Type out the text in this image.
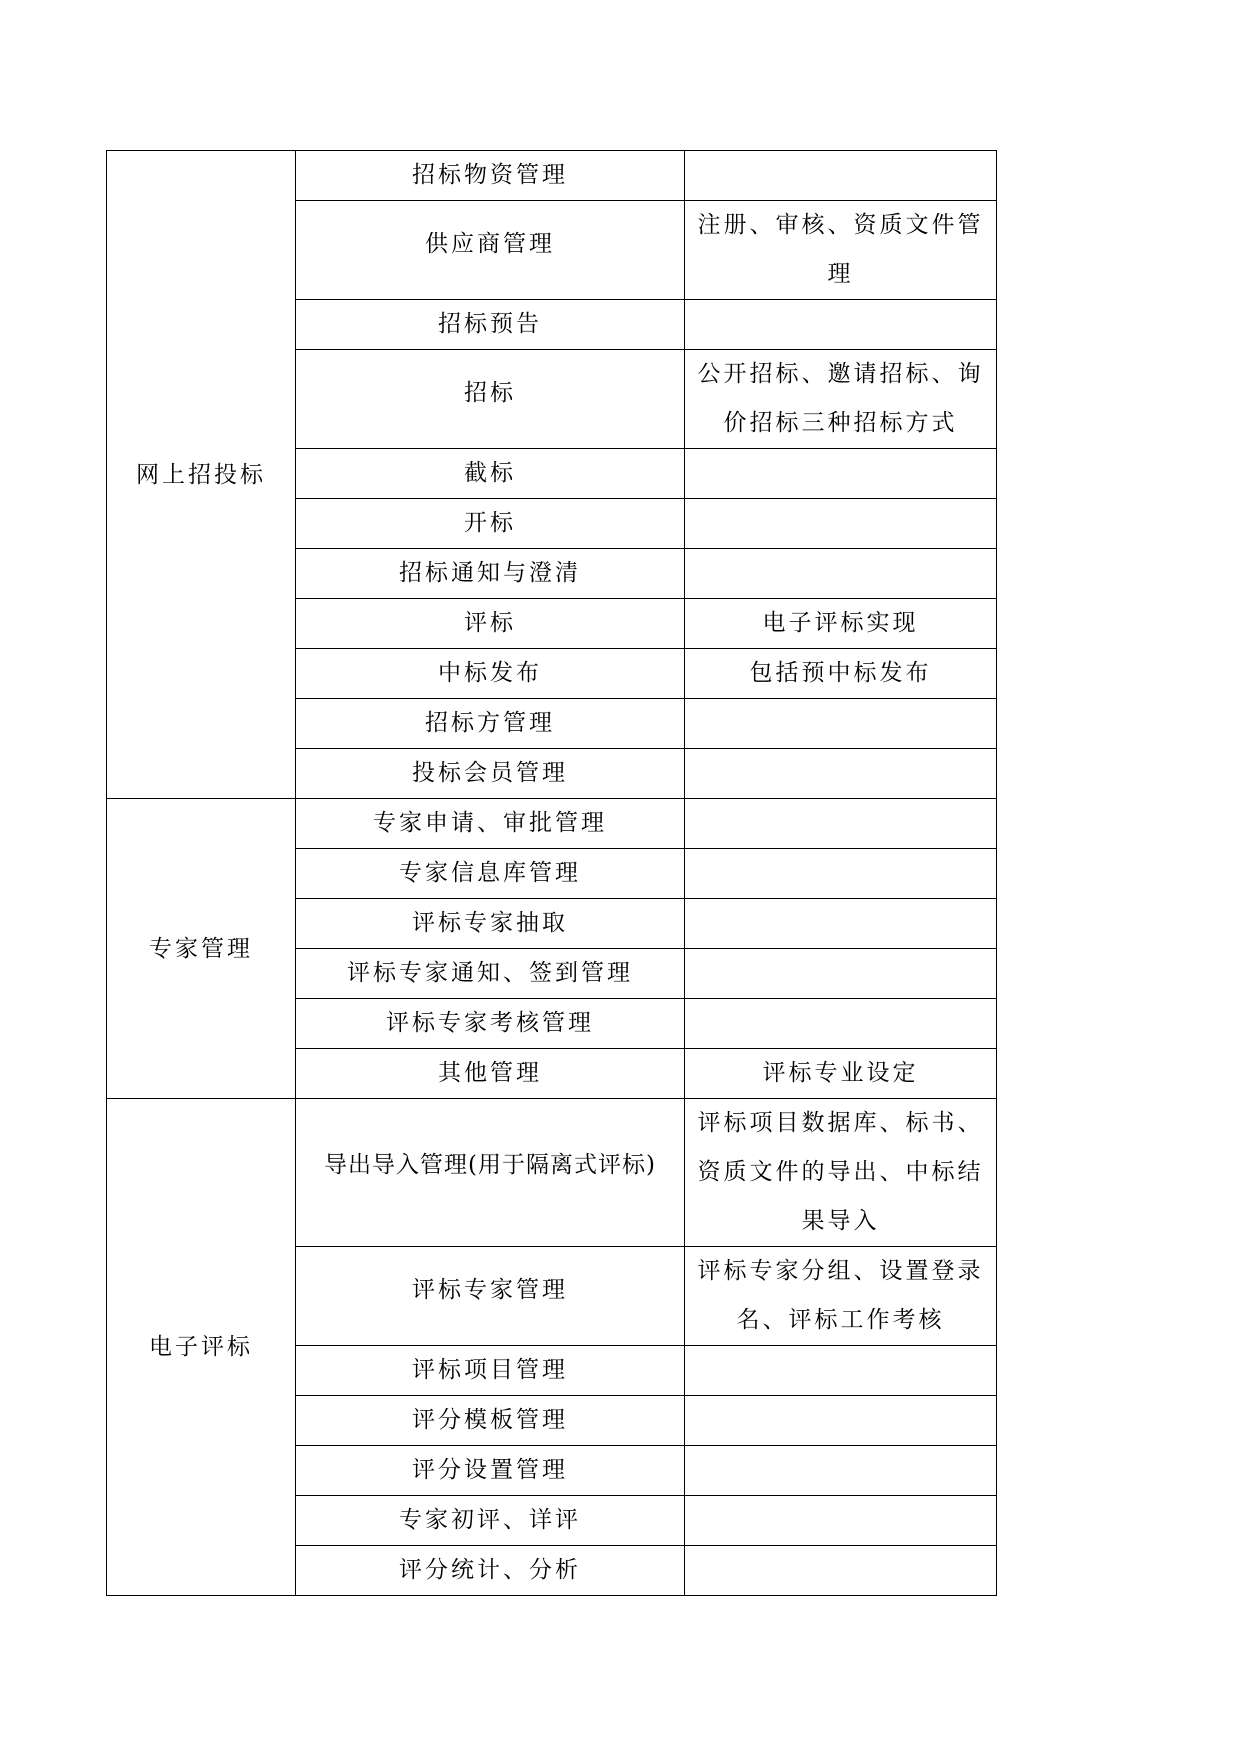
网上招投标	招标物资管理	

	供应商管理	注册、审核、资质文件管理

	招标预告	

	招标	公开招标、邀请招标、询价招标三种招标方式

	截标	

	开标	

	招标通知与澄清	

	评标	电子评标实现

	中标发布	包括预中标发布

	招标方管理	

	投标会员管理	

专家管理	专家申请、审批管理	

	专家信息库管理	

	评标专家抽取	

	评标专家通知、签到管理	

	评标专家考核管理	

	其他管理	评标专业设定

电子评标	导出导入管理(用于隔离式评标)	评标项目数据库、标书、资质文件的导出、中标结果导入

	评标专家管理	评标专家分组、设置登录名、评标工作考核

	评标项目管理	

	评分模板管理	

	评分设置管理	

	专家初评、详评	

	评分统计、分析	
